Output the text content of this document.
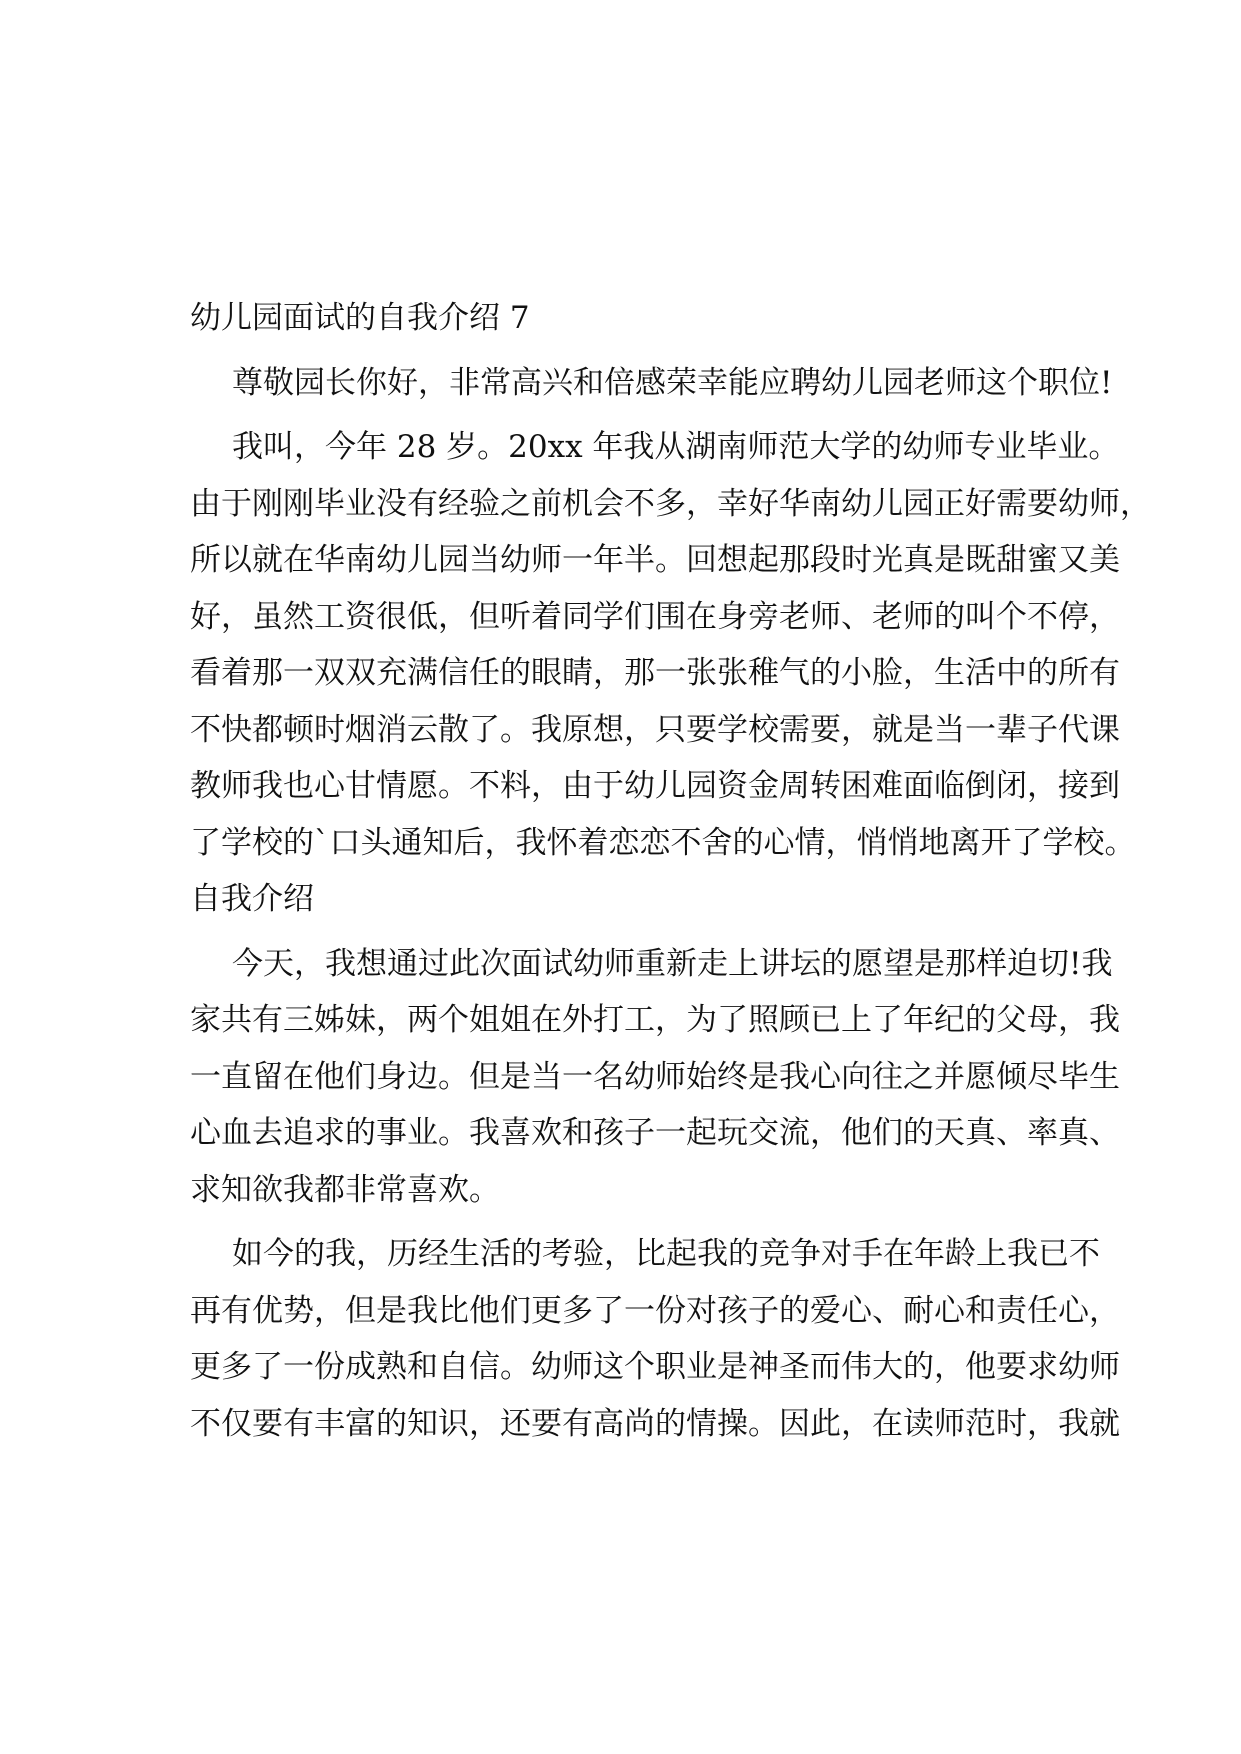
幼儿园面试的自我介绍 7
尊敬园长你好，非常高兴和倍感荣幸能应聘幼儿园老师这个职位!
我叫，今年 28 岁。20xx 年我从湖南师范大学的幼师专业毕业。
由于刚刚毕业没有经验之前机会不多，幸好华南幼儿园正好需要幼师，
所以就在华南幼儿园当幼师一年半。回想起那段时光真是既甜蜜又美
好，虽然工资很低，但听着同学们围在身旁老师、老师的叫个不停，
看着那一双双充满信任的眼睛，那一张张稚气的小脸，生活中的所有
不快都顿时烟消云散了。我原想，只要学校需要，就是当一辈子代课
教师我也心甘情愿。不料，由于幼儿园资金周转困难面临倒闭，接到
了学校的`口头通知后，我怀着恋恋不舍的心情，悄悄地离开了学校。
自我介绍
今天，我想通过此次面试幼师重新走上讲坛的愿望是那样迫切!我
家共有三姊妹，两个姐姐在外打工，为了照顾已上了年纪的父母，我
一直留在他们身边。但是当一名幼师始终是我心向往之并愿倾尽毕生
心血去追求的事业。我喜欢和孩子一起玩交流，他们的天真、率真、
求知欲我都非常喜欢。
如今的我，历经生活的考验，比起我的竞争对手在年龄上我已不
再有优势，但是我比他们更多了一份对孩子的爱心、耐心和责任心，
更多了一份成熟和自信。幼师这个职业是神圣而伟大的，他要求幼师
不仅要有丰富的知识，还要有高尚的情操。因此，在读师范时，我就
